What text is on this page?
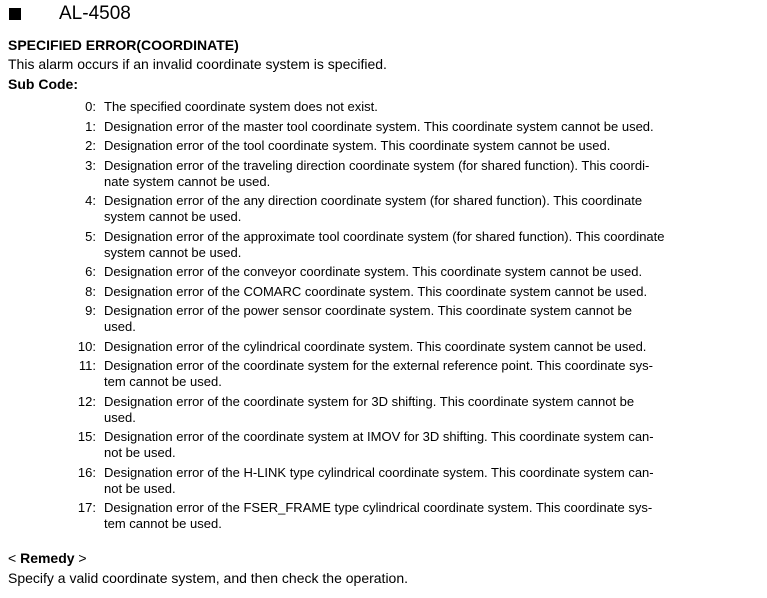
AL-4508
SPECIFIED ERROR(COORDINATE)
This alarm occurs if an invalid coordinate system is specified.
Sub Code:
0: The specified coordinate system does not exist.
1: Designation error of the master tool coordinate system. This coordinate system cannot be used.
2: Designation error of the tool coordinate system. This coordinate system cannot be used.
3: Designation error of the traveling direction coordinate system (for shared function). This coordi-
nate system cannot be used.
4: Designation error of the any direction coordinate system (for shared function). This coordinate
system cannot be used.
5: Designation error of the approximate tool coordinate system (for shared function). This coordinate
system cannot be used.
6: Designation error of the conveyor coordinate system. This coordinate system cannot be used.
8: Designation error of the COMARC coordinate system. This coordinate system cannot be used.
9: Designation error of the power sensor coordinate system. This coordinate system cannot be
used.
10: Designation error of the cylindrical coordinate system. This coordinate system cannot be used.
11: Designation error of the coordinate system for the external reference point. This coordinate sys-
tem cannot be used.
12: Designation error of the coordinate system for 3D shifting. This coordinate system cannot be
used.
15: Designation error of the coordinate system at IMOV for 3D shifting. This coordinate system can-
not be used.
16: Designation error of the H-LINK type cylindrical coordinate system. This coordinate system can-
not be used.
17: Designation error of the FSER_FRAME type cylindrical coordinate system. This coordinate sys-
tem cannot be used.
< Remedy >
Specify a valid coordinate system, and then check the operation.
